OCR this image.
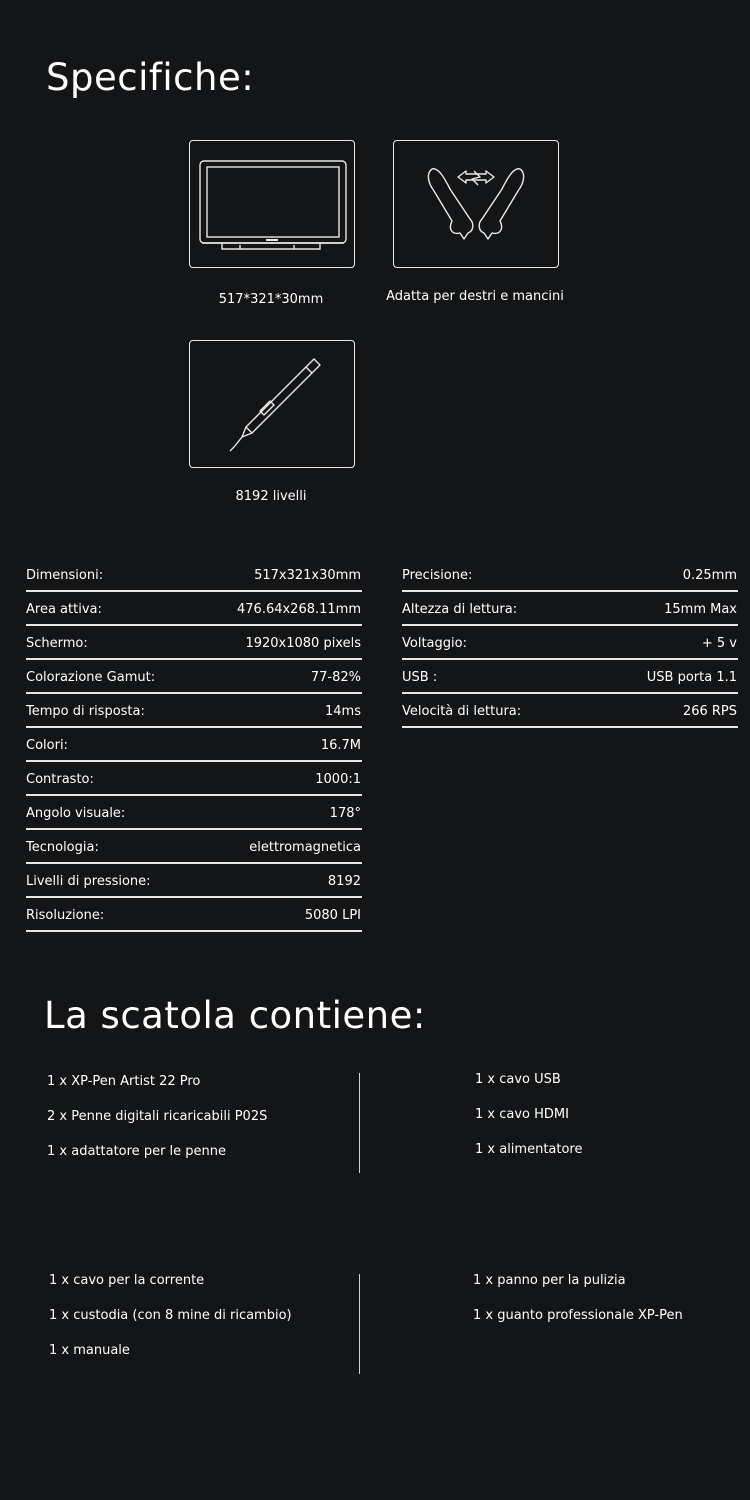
Specifiche:
517*321*30mm	Adatta per destri e mancini
8192 livelli
Dimensioni:	517x321x30mm
Area attiva:	476.64x268.11mm
Schermo:	1920x1080 pixels
Colorazione Gamut:	77-82%
Tempo di risposta:	14ms
Colori:	16.7M
Contrasto:	1000:1
Angolo visuale:	178°
Tecnologia:	elettromagnetica
Livelli di pressione:	8192
Risoluzione:	5080 LPI
Precisione:	0.25mm
Altezza di lettura:	15mm Max
Voltaggio:	+ 5 v
USB :	USB porta 1.1
Velocità di lettura:	266 RPS
La scatola contiene:
1 x XP-Pen Artist 22 Pro
2 x Penne digitali ricaricabili P02S
1 x adattatore per le penne
1 x cavo USB
1 x cavo HDMI
1 x alimentatore
1 x cavo per la corrente
1 x custodia (con 8 mine di ricambio)
1 x manuale
1 x panno per la pulizia
1 x guanto professionale XP-Pen
